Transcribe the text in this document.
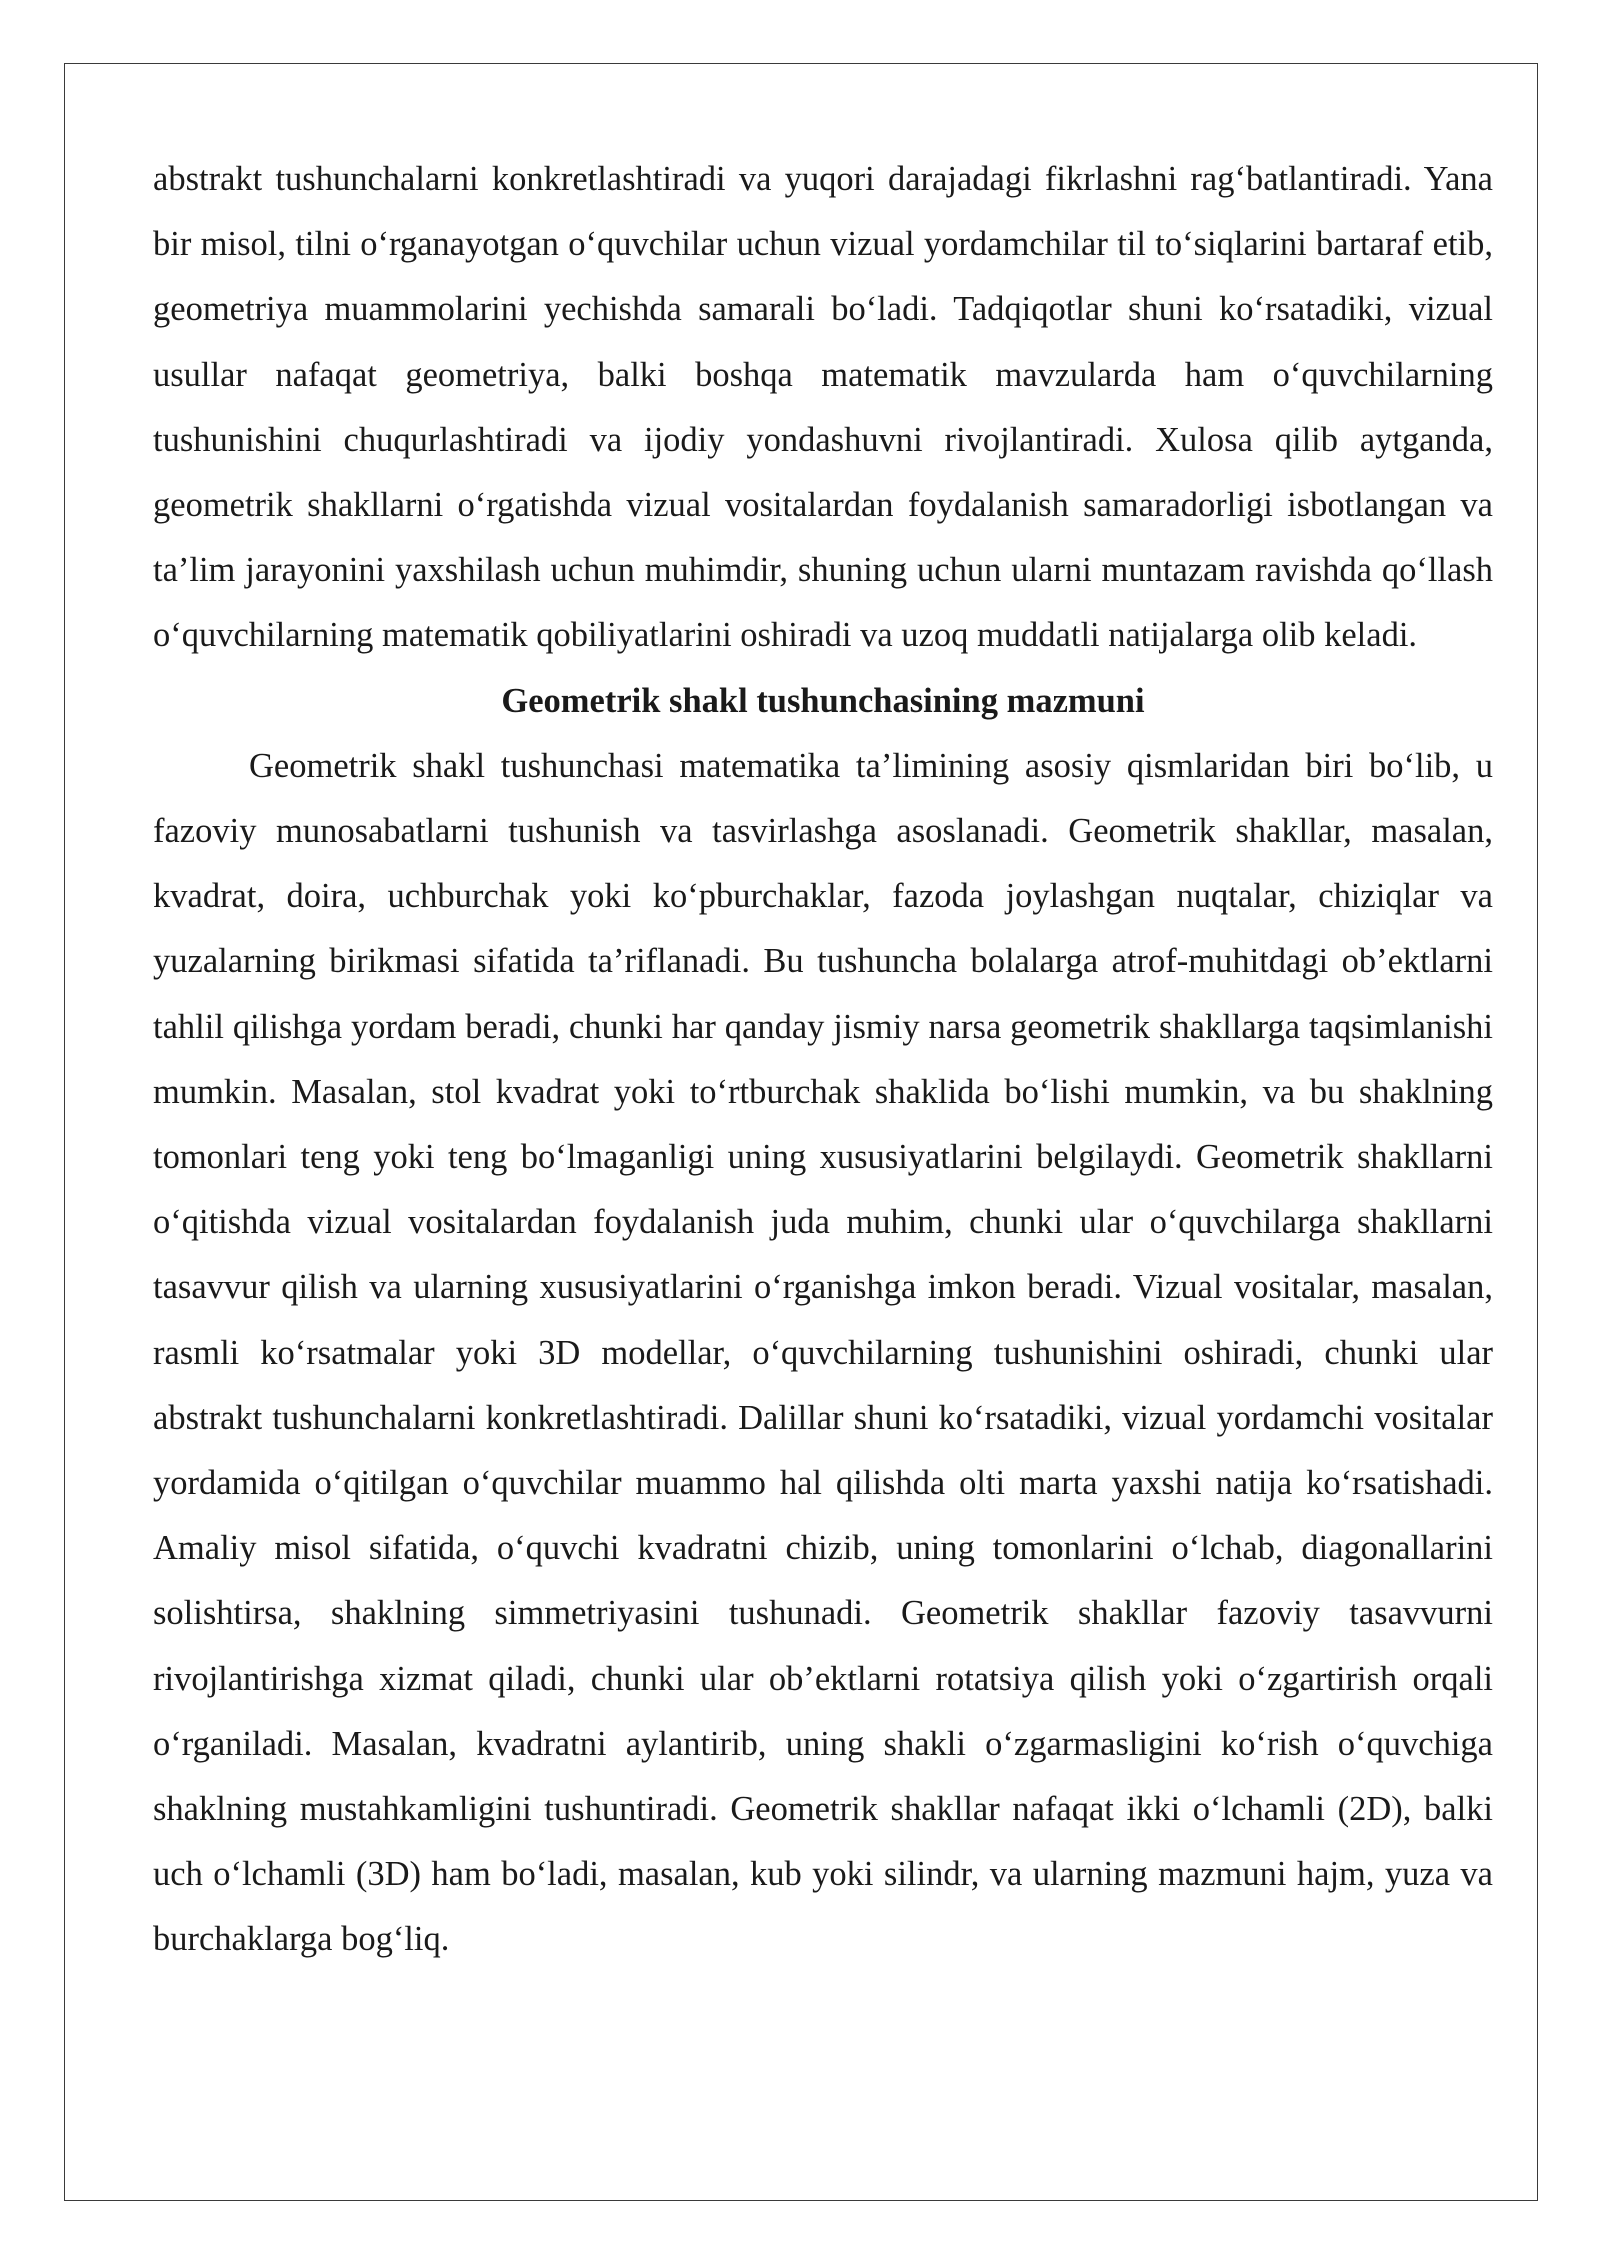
abstrakt tushunchalarni konkretlashtiradi va yuqori darajadagi fikrlashni rag‘batlantiradi. Yana bir misol, tilni o‘rganayotgan o‘quvchilar uchun vizual yordamchilar til to‘siqlarini bartaraf etib, geometriya muammolarini yechishda samarali bo‘ladi. Tadqiqotlar shuni ko‘rsatadiki, vizual usullar nafaqat geometriya, balki boshqa matematik mavzularda ham o‘quvchilarning tushunishini chuqurlashtiradi va ijodiy yondashuvni rivojlantiradi. Xulosa qilib aytganda, geometrik shakllarni o‘rgatishda vizual vositalardan foydalanish samaradorligi isbotlangan va ta’lim jarayonini yaxshilash uchun muhimdir, shuning uchun ularni muntazam ravishda qo‘llash o‘quvchilarning matematik qobiliyatlarini oshiradi va uzoq muddatli natijalarga olib keladi.

Geometrik shakl tushunchasining mazmuni

Geometrik shakl tushunchasi matematika ta’limining asosiy qismlaridan biri bo‘lib, u fazoviy munosabatlarni tushunish va tasvirlashga asoslanadi. Geometrik shakllar, masalan, kvadrat, doira, uchburchak yoki ko‘pburchaklar, fazoda joylashgan nuqtalar, chiziqlar va yuzalarning birikmasi sifatida ta’riflanadi. Bu tushuncha bolalarga atrof-muhitdagi ob’ektlarni tahlil qilishga yordam beradi, chunki har qanday jismiy narsa geometrik shakllarga taqsimlanishi mumkin. Masalan, stol kvadrat yoki to‘rtburchak shaklida bo‘lishi mumkin, va bu shaklning tomonlari teng yoki teng bo‘lmaganligi uning xususiyatlarini belgilaydi. Geometrik shakllarni o‘qitishda vizual vositalardan foydalanish juda muhim, chunki ular o‘quvchilarga shakllarni tasavvur qilish va ularning xususiyatlarini o‘rganishga imkon beradi. Vizual vositalar, masalan, rasmli ko‘rsatmalar yoki 3D modellar, o‘quvchilarning tushunishini oshiradi, chunki ular abstrakt tushunchalarni konkretlashtiradi. Dalillar shuni ko‘rsatadiki, vizual yordamchi vositalar yordamida o‘qitilgan o‘quvchilar muammo hal qilishda olti marta yaxshi natija ko‘rsatishadi. Amaliy misol sifatida, o‘quvchi kvadratni chizib, uning tomonlarini o‘lchab, diagonallarini solishtirsa, shaklning simmetriyasini tushunadi. Geometrik shakllar fazoviy tasavvurni rivojlantirishga xizmat qiladi, chunki ular ob’ektlarni rotatsiya qilish yoki o‘zgartirish orqali o‘rganiladi. Masalan, kvadratni aylantirib, uning shakli o‘zgarmasligini ko‘rish o‘quvchiga shaklning mustahkamligini tushuntiradi. Geometrik shakllar nafaqat ikki o‘lchamli (2D), balki uch o‘lchamli (3D) ham bo‘ladi, masalan, kub yoki silindr, va ularning mazmuni hajm, yuza va burchaklarga bog‘liq.
